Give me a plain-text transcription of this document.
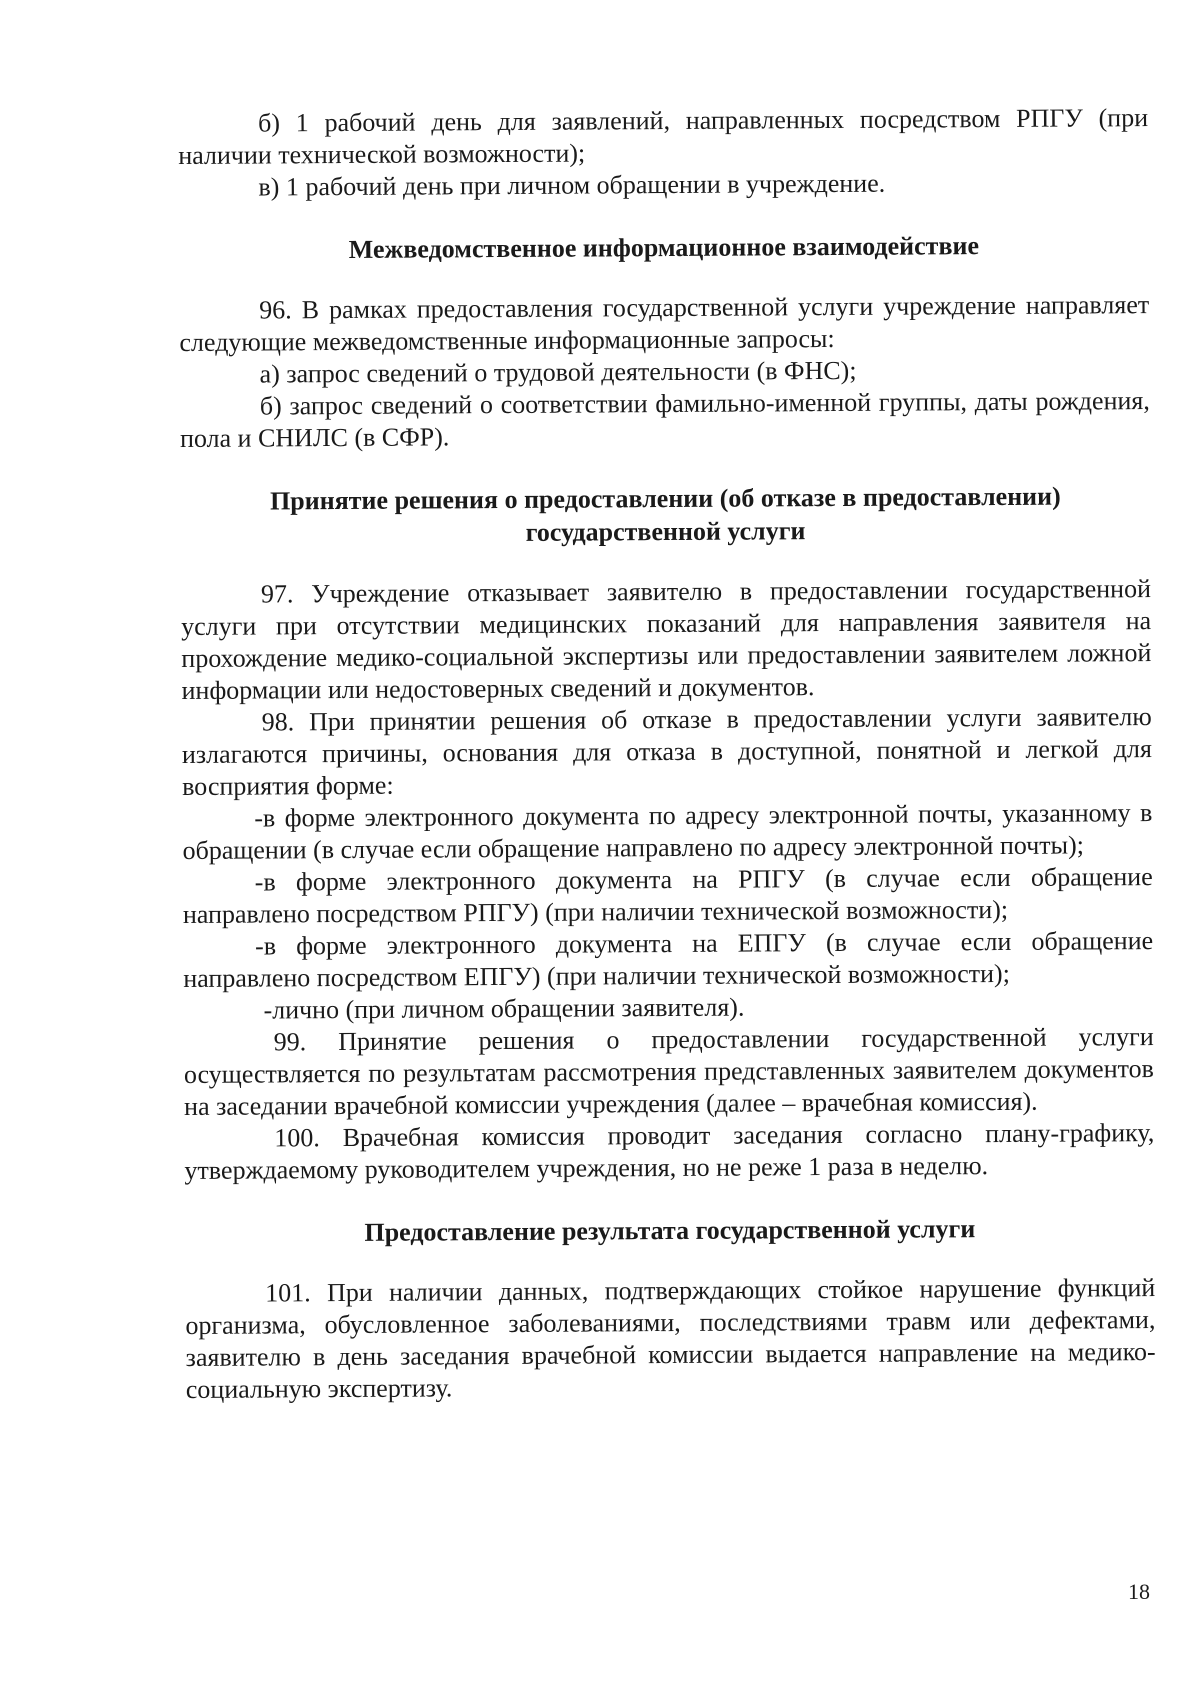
б) 1 рабочий день для заявлений, направленных посредством РПГУ (при наличии технической возможности);

в) 1 рабочий день при личном обращении в учреждение.

Межведомственное информационное взаимодействие

96. В рамках предоставления государственной услуги учреждение направляет следующие межведомственные информационные запросы:

а) запрос сведений о трудовой деятельности (в ФНС);

б) запрос сведений о соответствии фамильно-именной группы, даты рождения, пола и СНИЛС (в СФР).

Принятие решения о предоставлении (об отказе в предоставлении) государственной услуги

97. Учреждение отказывает заявителю в предоставлении государственной услуги при отсутствии медицинских показаний для направления заявителя на прохождение медико-социальной экспертизы или предоставлении заявителем ложной информации или недостоверных сведений и документов.

98. При принятии решения об отказе в предоставлении услуги заявителю излагаются причины, основания для отказа в доступной, понятной и легкой для восприятия форме:

-в форме электронного документа по адресу электронной почты, указанному в обращении (в случае если обращение направлено по адресу электронной почты);

-в форме электронного документа на РПГУ (в случае если обращение направлено посредством РПГУ) (при наличии технической возможности);

-в форме электронного документа на ЕПГУ (в случае если обращение направлено посредством ЕПГУ) (при наличии технической возможности);

-лично (при личном обращении заявителя).

99. Принятие решения о предоставлении государственной услуги осуществляется по результатам рассмотрения представленных заявителем документов на заседании врачебной комиссии учреждения (далее – врачебная комиссия).

100. Врачебная комиссия проводит заседания согласно плану-графику, утверждаемому руководителем учреждения, но не реже 1 раза в неделю.

Предоставление результата государственной услуги

101. При наличии данных, подтверждающих стойкое нарушение функций организма, обусловленное заболеваниями, последствиями травм или дефектами, заявителю в день заседания врачебной комиссии выдается направление на медико-социальную экспертизу.

18
